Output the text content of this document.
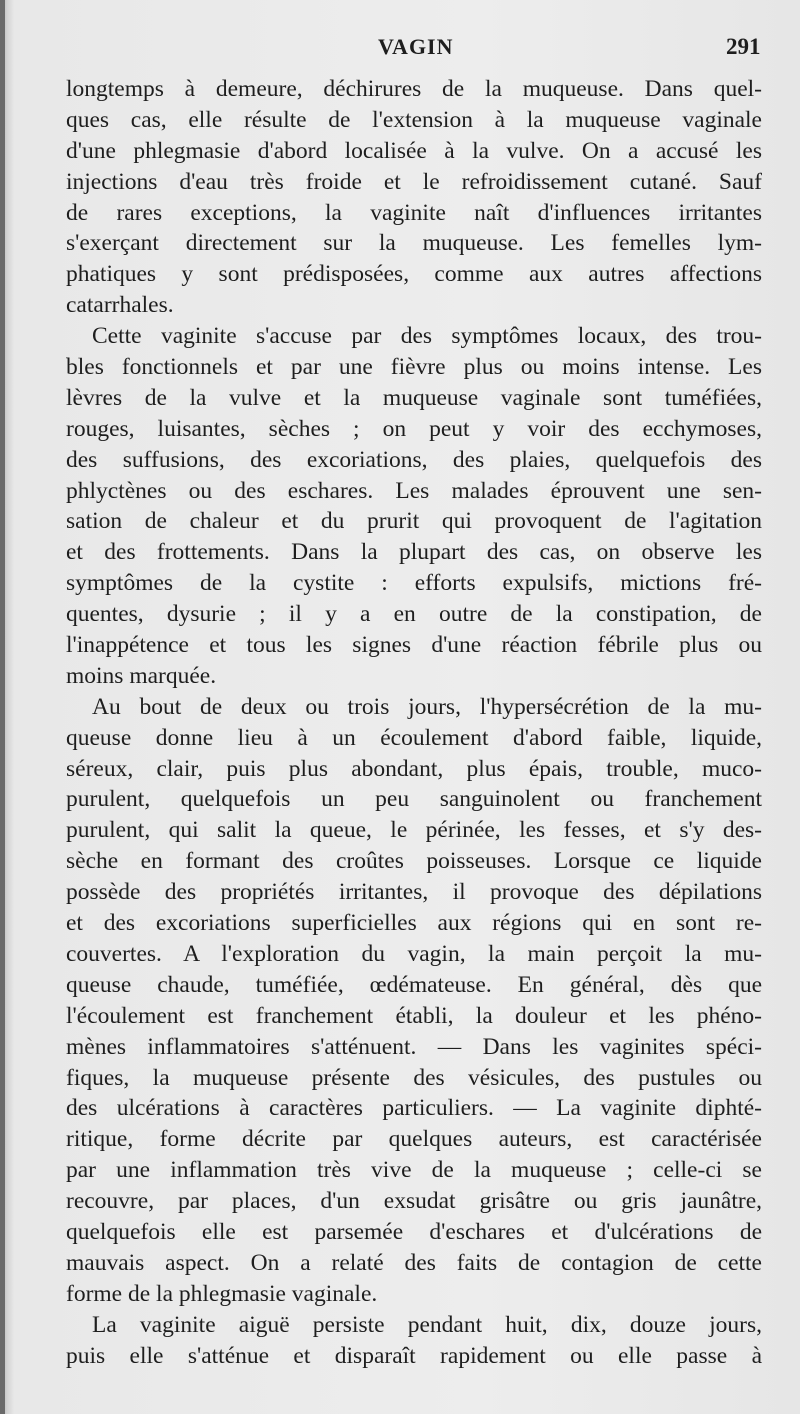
VAGIN	291
longtemps à demeure, déchirures de la muqueuse. Dans quel-
ques cas, elle résulte de l'extension à la muqueuse vaginale
d'une phlegmasie d'abord localisée à la vulve. On a accusé les
injections d'eau très froide et le refroidissement cutané. Sauf
de rares exceptions, la vaginite naît d'influences irritantes
s'exerçant directement sur la muqueuse. Les femelles lym-
phatiques y sont prédisposées, comme aux autres affections
catarrhales.
Cette vaginite s'accuse par des symptômes locaux, des trou-
bles fonctionnels et par une fièvre plus ou moins intense. Les
lèvres de la vulve et la muqueuse vaginale sont tuméfiées,
rouges, luisantes, sèches ; on peut y voir des ecchymoses,
des suffusions, des excoriations, des plaies, quelquefois des
phlyctènes ou des eschares. Les malades éprouvent une sen-
sation de chaleur et du prurit qui provoquent de l'agitation
et des frottements. Dans la plupart des cas, on observe les
symptômes de la cystite : efforts expulsifs, mictions fré-
quentes, dysurie ; il y a en outre de la constipation, de
l'inappétence et tous les signes d'une réaction fébrile plus ou
moins marquée.
Au bout de deux ou trois jours, l'hypersécrétion de la mu-
queuse donne lieu à un écoulement d'abord faible, liquide,
séreux, clair, puis plus abondant, plus épais, trouble, muco-
purulent, quelquefois un peu sanguinolent ou franchement
purulent, qui salit la queue, le périnée, les fesses, et s'y des-
sèche en formant des croûtes poisseuses. Lorsque ce liquide
possède des propriétés irritantes, il provoque des dépilations
et des excoriations superficielles aux régions qui en sont re-
couvertes. A l'exploration du vagin, la main perçoit la mu-
queuse chaude, tuméfiée, œdémateuse. En général, dès que
l'écoulement est franchement établi, la douleur et les phéno-
mènes inflammatoires s'atténuent. — Dans les vaginites spéci-
fiques, la muqueuse présente des vésicules, des pustules ou
des ulcérations à caractères particuliers. — La vaginite diphté-
ritique, forme décrite par quelques auteurs, est caractérisée
par une inflammation très vive de la muqueuse ; celle-ci se
recouvre, par places, d'un exsudat grisâtre ou gris jaunâtre,
quelquefois elle est parsemée d'eschares et d'ulcérations de
mauvais aspect. On a relaté des faits de contagion de cette
forme de la phlegmasie vaginale.
La vaginite aiguë persiste pendant huit, dix, douze jours,
puis elle s'atténue et disparaît rapidement ou elle passe à
